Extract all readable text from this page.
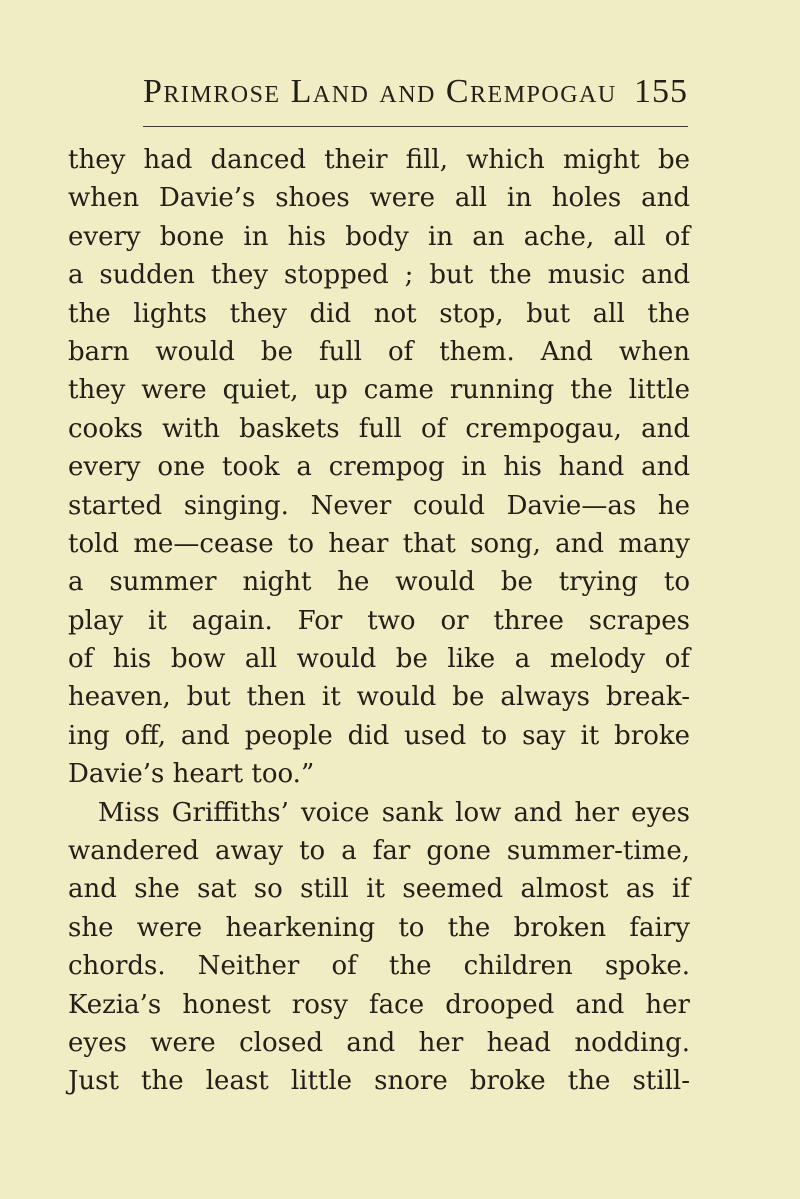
Primrose Land and Crempogau 155
they had danced their fill, which might be
when Davie’s shoes were all in holes and
every bone in his body in an ache, all of
a sudden they stopped ; but the music and
the lights they did not stop, but all the
barn would be full of them. And when
they were quiet, up came running the little
cooks with baskets full of crempogau, and
every one took a crempog in his hand and
started singing. Never could Davie—as he
told me—cease to hear that song, and many
a summer night he would be trying to
play it again. For two or three scrapes
of his bow all would be like a melody of
heaven, but then it would be always break-
ing off, and people did used to say it broke
Davie’s heart too.”
Miss Griffiths’ voice sank low and her eyes
wandered away to a far gone summer-time,
and she sat so still it seemed almost as if
she were hearkening to the broken fairy
chords. Neither of the children spoke.
Kezia’s honest rosy face drooped and her
eyes were closed and her head nodding.
Just the least little snore broke the still-
